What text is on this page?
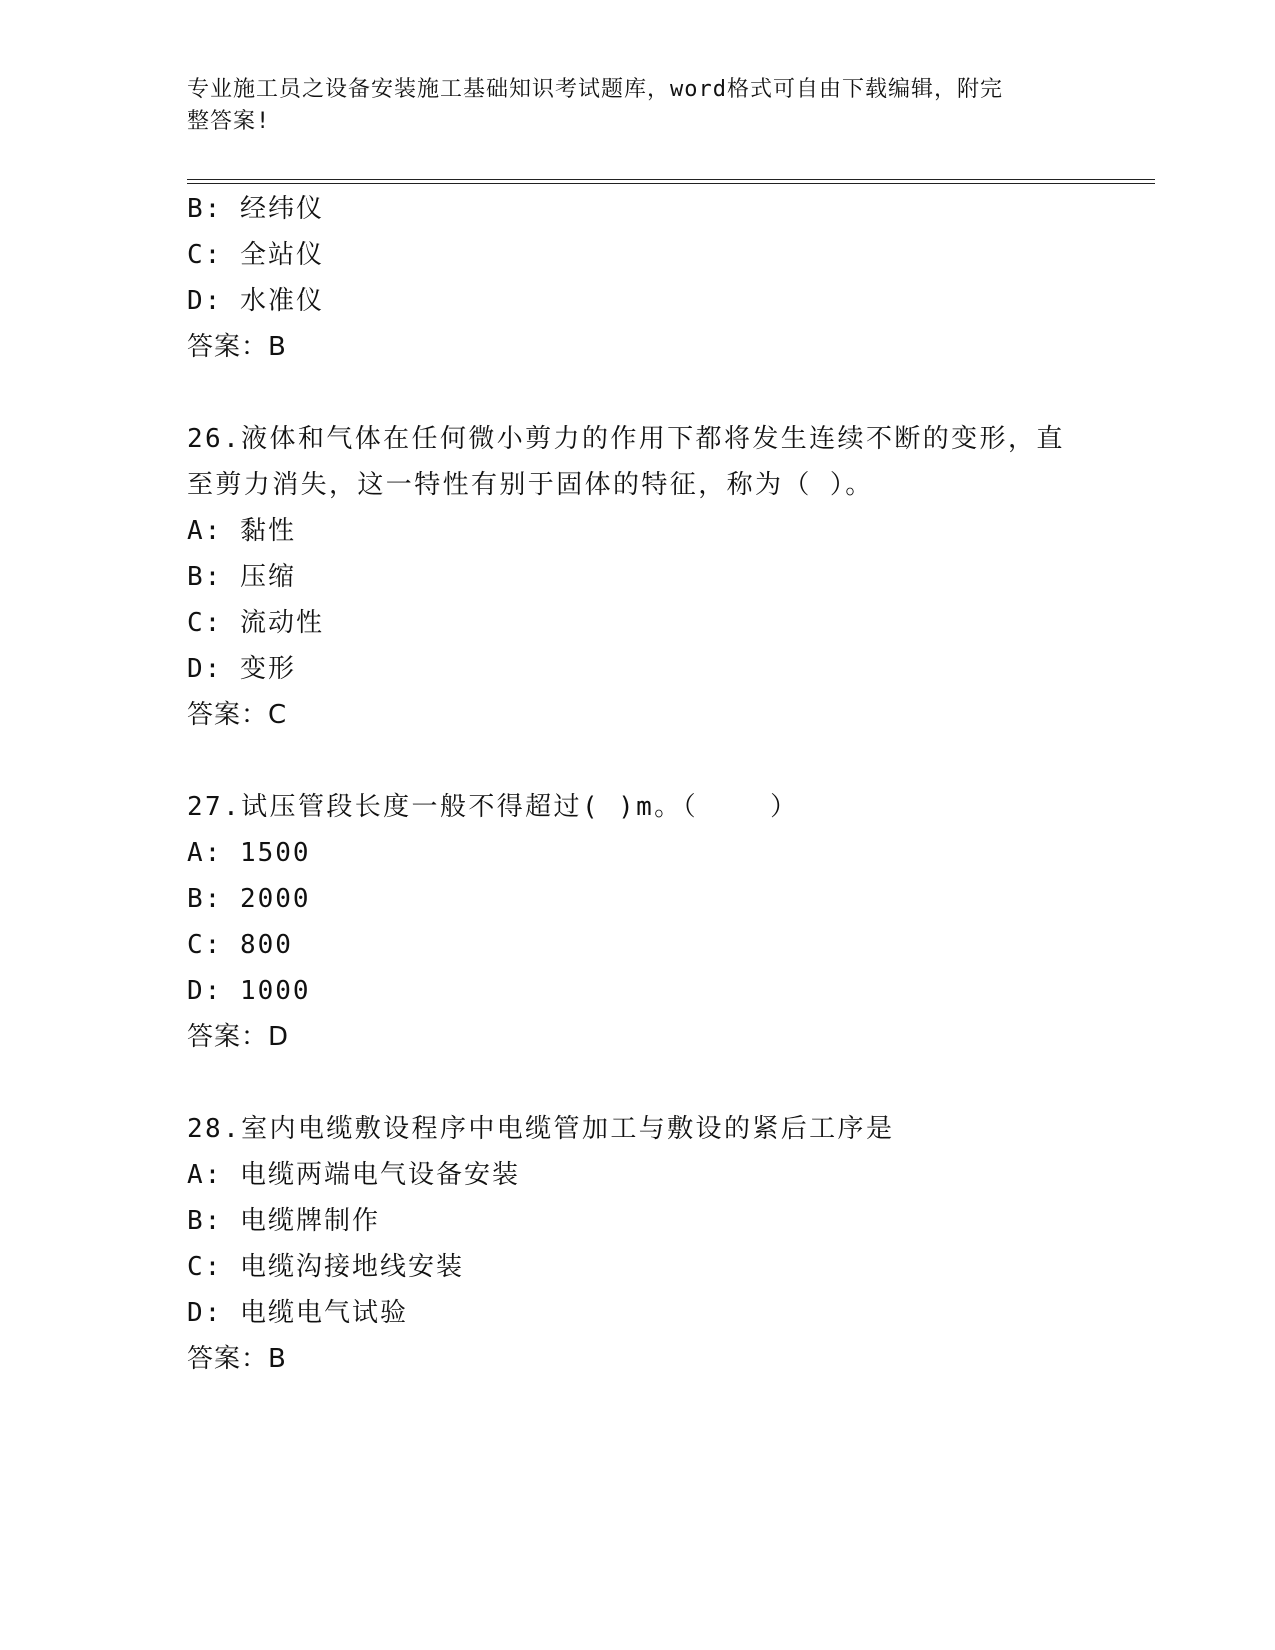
专业施工员之设备安装施工基础知识考试题库，word格式可自由下载编辑，附完
整答案!
B: 经纬仪
C: 全站仪
D: 水准仪
答案：B
26.液体和气体在任何微小剪力的作用下都将发生连续不断的变形，直
至剪力消失，这一特性有别于固体的特征，称为（ ）。
A: 黏性
B: 压缩
C: 流动性
D: 变形
答案：C
27.试压管段长度一般不得超过( )m。（    ）
A: 1500
B: 2000
C: 800
D: 1000
答案：D
28.室内电缆敷设程序中电缆管加工与敷设的紧后工序是
A: 电缆两端电气设备安装
B: 电缆牌制作
C: 电缆沟接地线安装
D: 电缆电气试验
答案：B
